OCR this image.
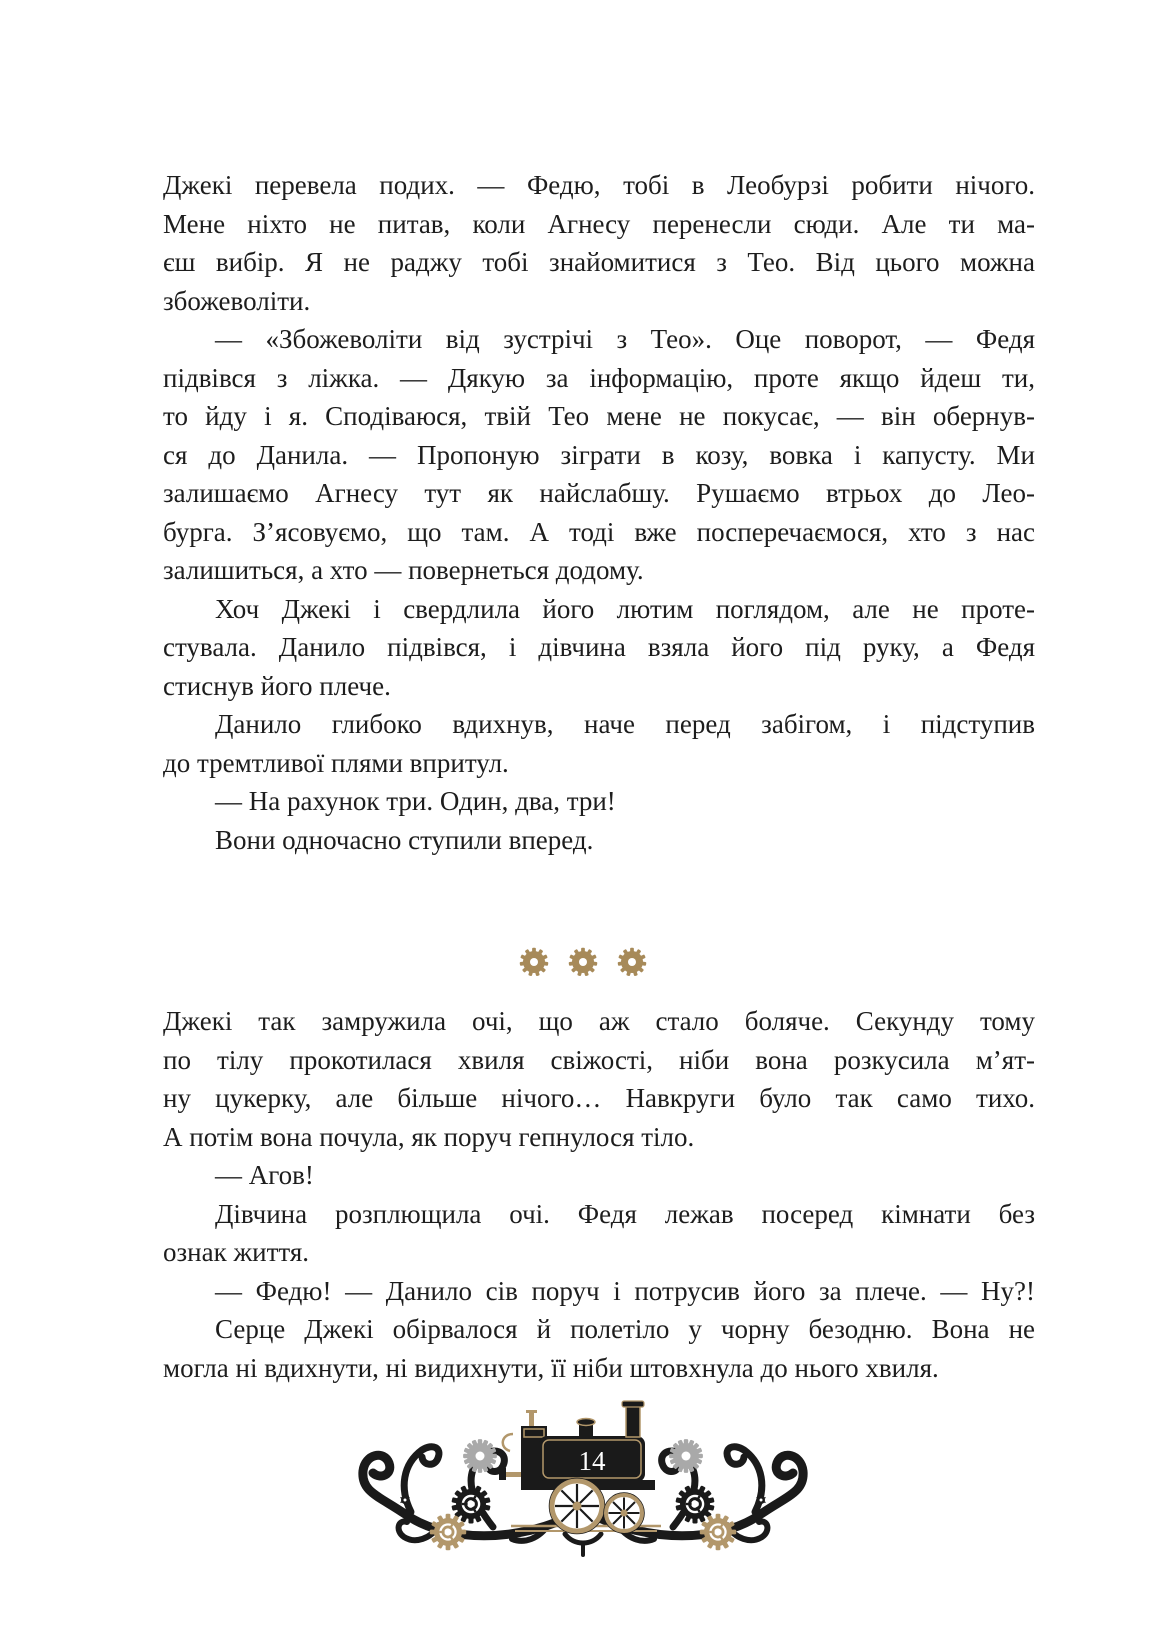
Джекі перевела подих. — Федю, тобі в Леобурзі робити нічого.
Мене ніхто не питав, коли Агнесу перенесли сюди. Але ти ма-
єш вибір. Я не раджу тобі знайомитися з Тео. Від цього можна
збожеволіти.
— «Збожеволіти від зустрічі з Тео». Оце поворот, — Федя
підвівся з ліжка. — Дякую за інформацію, проте якщо йдеш ти,
то йду і я. Сподіваюся, твій Тео мене не покусає, — він обернув-
ся до Данила. — Пропоную зіграти в козу, вовка і капусту. Ми
залишаємо Агнесу тут як найслабшу. Рушаємо втрьох до Лео-
бурга. З’ясовуємо, що там. А тоді вже посперечаємося, хто з нас
залишиться, а хто — повернеться додому.
Хоч Джекі і свердлила його лютим поглядом, але не проте-
стувала. Данило підвівся, і дівчина взяла його під руку, а Федя
стиснув його плече.
Данило глибоко вдихнув, наче перед забігом, і підступив
до тремтливої плями впритул.
— На рахунок три. Один, два, три!
Вони одночасно ступили вперед.
Джекі так замружила очі, що аж стало боляче. Секунду тому
по тілу прокотилася хвиля свіжості, ніби вона розкусила м’ят-
ну цукерку, але більше нічого… Навкруги було так само тихо.
А потім вона почула, як поруч гепнулося тіло.
— Агов!
Дівчина розплющила очі. Федя лежав посеред кімнати без
ознак життя.
— Федю! — Данило сів поруч і потрусив його за плече. — Ну?!
Серце Джекі обірвалося й полетіло у чорну безодню. Вона не
могла ні вдихнути, ні видихнути, її ніби штовхнула до нього хвиля.
14
